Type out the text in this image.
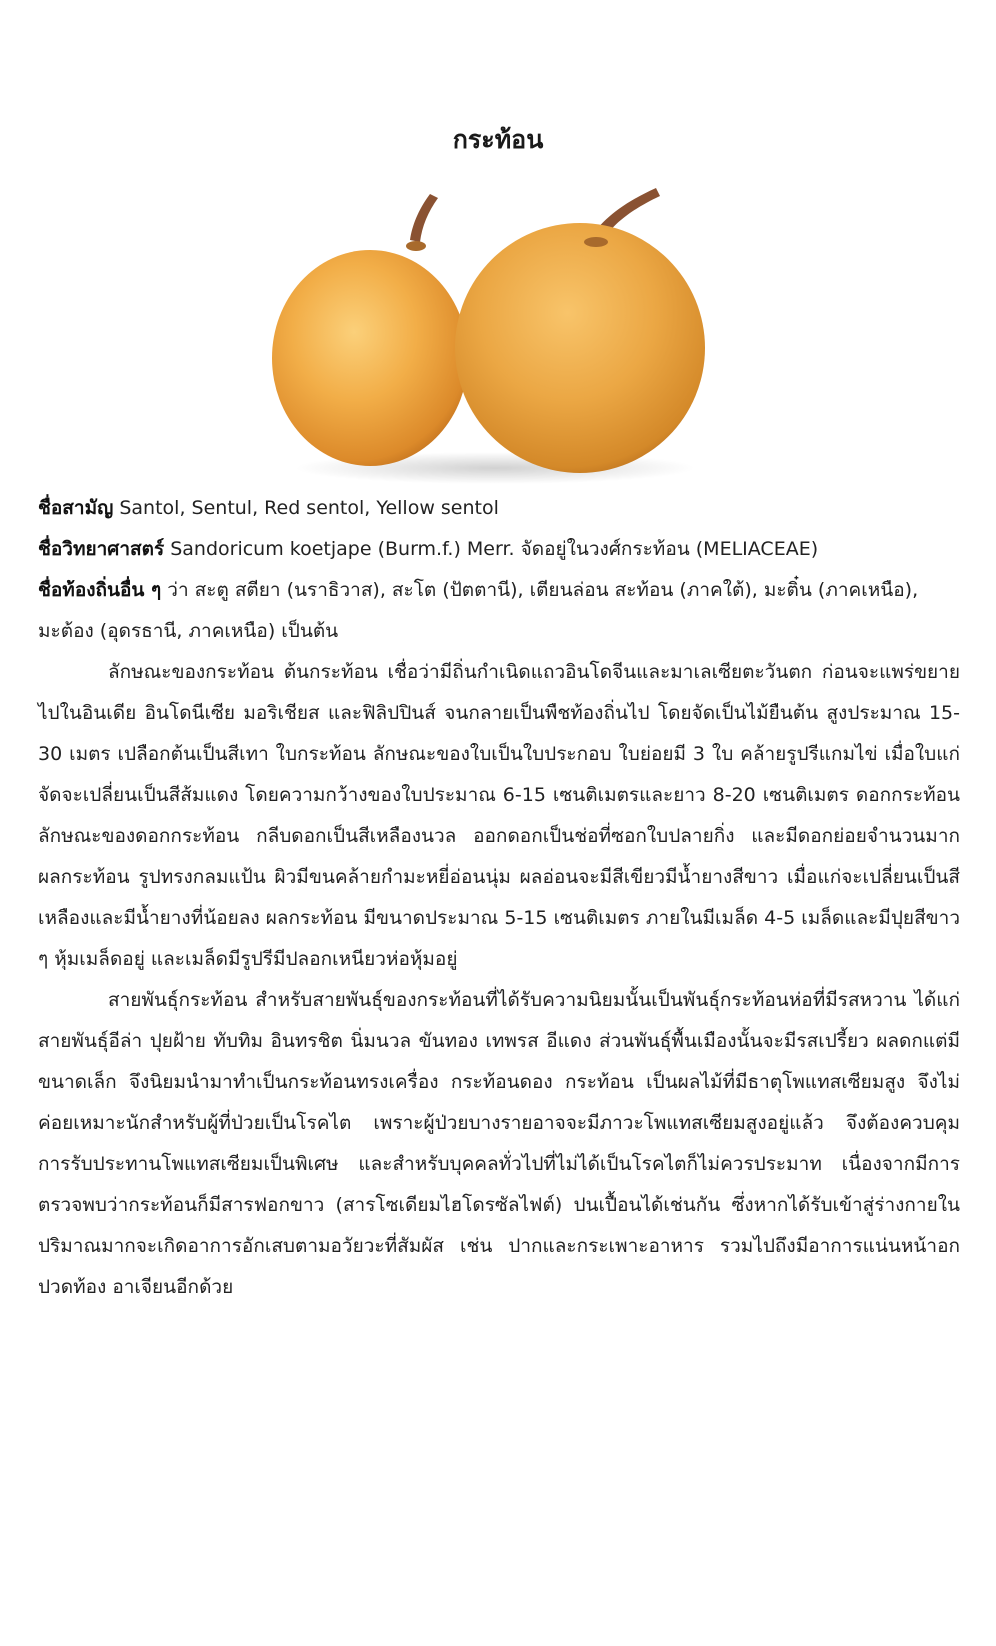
กระท้อน

ชื่อสามัญ Santol, Sentul, Red sentol, Yellow sentol

ชื่อวิทยาศาสตร์ Sandoricum koetjape (Burm.f.) Merr. จัดอยู่ในวงศ์กระท้อน (MELIACEAE)

ชื่อท้องถิ่นอื่น ๆ ว่า สะตู สตียา (นราธิวาส), สะโต (ปัตตานี), เตียนล่อน สะท้อน (ภาคใต้), มะติ๋น (ภาคเหนือ), มะต้อง (อุดรธานี, ภาคเหนือ) เป็นต้น

ลักษณะของกระท้อน ต้นกระท้อน เชื่อว่ามีถิ่นกำเนิดแถวอินโดจีนและมาเลเซียตะวันตก ก่อนจะแพร่ขยายไปในอินเดีย อินโดนีเซีย มอริเชียส และฟิลิปปินส์ จนกลายเป็นพืชท้องถิ่นไป โดยจัดเป็นไม้ยืนต้น สูงประมาณ 15-30 เมตร เปลือกต้นเป็นสีเทา ใบกระท้อน ลักษณะของใบเป็นใบประกอบ ใบย่อยมี 3 ใบ คล้ายรูปรีแกมไข่ เมื่อใบแก่จัดจะเปลี่ยนเป็นสีส้มแดง โดยความกว้างของใบประมาณ 6-15 เซนติเมตรและยาว 8-20 เซนติเมตร ดอกกระท้อน ลักษณะของดอกกระท้อน กลีบดอกเป็นสีเหลืองนวล ออกดอกเป็นช่อที่ซอกใบปลายกิ่ง และมีดอกย่อยจำนวนมาก ผลกระท้อน รูปทรงกลมแป้น ผิวมีขนคล้ายกำมะหยี่อ่อนนุ่ม ผลอ่อนจะมีสีเขียวมีน้ำยางสีขาว เมื่อแก่จะเปลี่ยนเป็นสีเหลืองและมีน้ำยางที่น้อยลง ผลกระท้อน มีขนาดประมาณ 5-15 เซนติเมตร ภายในมีเมล็ด 4-5 เมล็ดและมีปุยสีขาว ๆ หุ้มเมล็ดอยู่ และเมล็ดมีรูปรีมีปลอกเหนียวห่อหุ้มอยู่

สายพันธุ์กระท้อน สำหรับสายพันธุ์ของกระท้อนที่ได้รับความนิยมนั้นเป็นพันธุ์กระท้อนห่อที่มีรสหวาน ได้แก่ สายพันธุ์อีล่า ปุยฝ้าย ทับทิม อินทรชิต นิ่มนวล ขันทอง เทพรส อีแดง ส่วนพันธุ์พื้นเมืองนั้นจะมีรสเปรี้ยว ผลดกแต่มีขนาดเล็ก จึงนิยมนำมาทำเป็นกระท้อนทรงเครื่อง กระท้อนดอง กระท้อน เป็นผลไม้ที่มีธาตุโพแทสเซียมสูง จึงไม่ค่อยเหมาะนักสำหรับผู้ที่ป่วยเป็นโรคไต เพราะผู้ป่วยบางรายอาจจะมีภาวะโพแทสเซียมสูงอยู่แล้ว จึงต้องควบคุมการรับประทานโพแทสเซียมเป็นพิเศษ และสำหรับบุคคลทั่วไปที่ไม่ได้เป็นโรคไตก็ไม่ควรประมาท เนื่องจากมีการตรวจพบว่ากระท้อนก็มีสารฟอกขาว (สารโซเดียมไฮโดรซัลไฟต์) ปนเปื้อนได้เช่นกัน ซึ่งหากได้รับเข้าสู่ร่างกายในปริมาณมากจะเกิดอาการอักเสบตามอวัยวะที่สัมผัส เช่น ปากและกระเพาะอาหาร รวมไปถึงมีอาการแน่นหน้าอก ปวดท้อง อาเจียนอีกด้วย
